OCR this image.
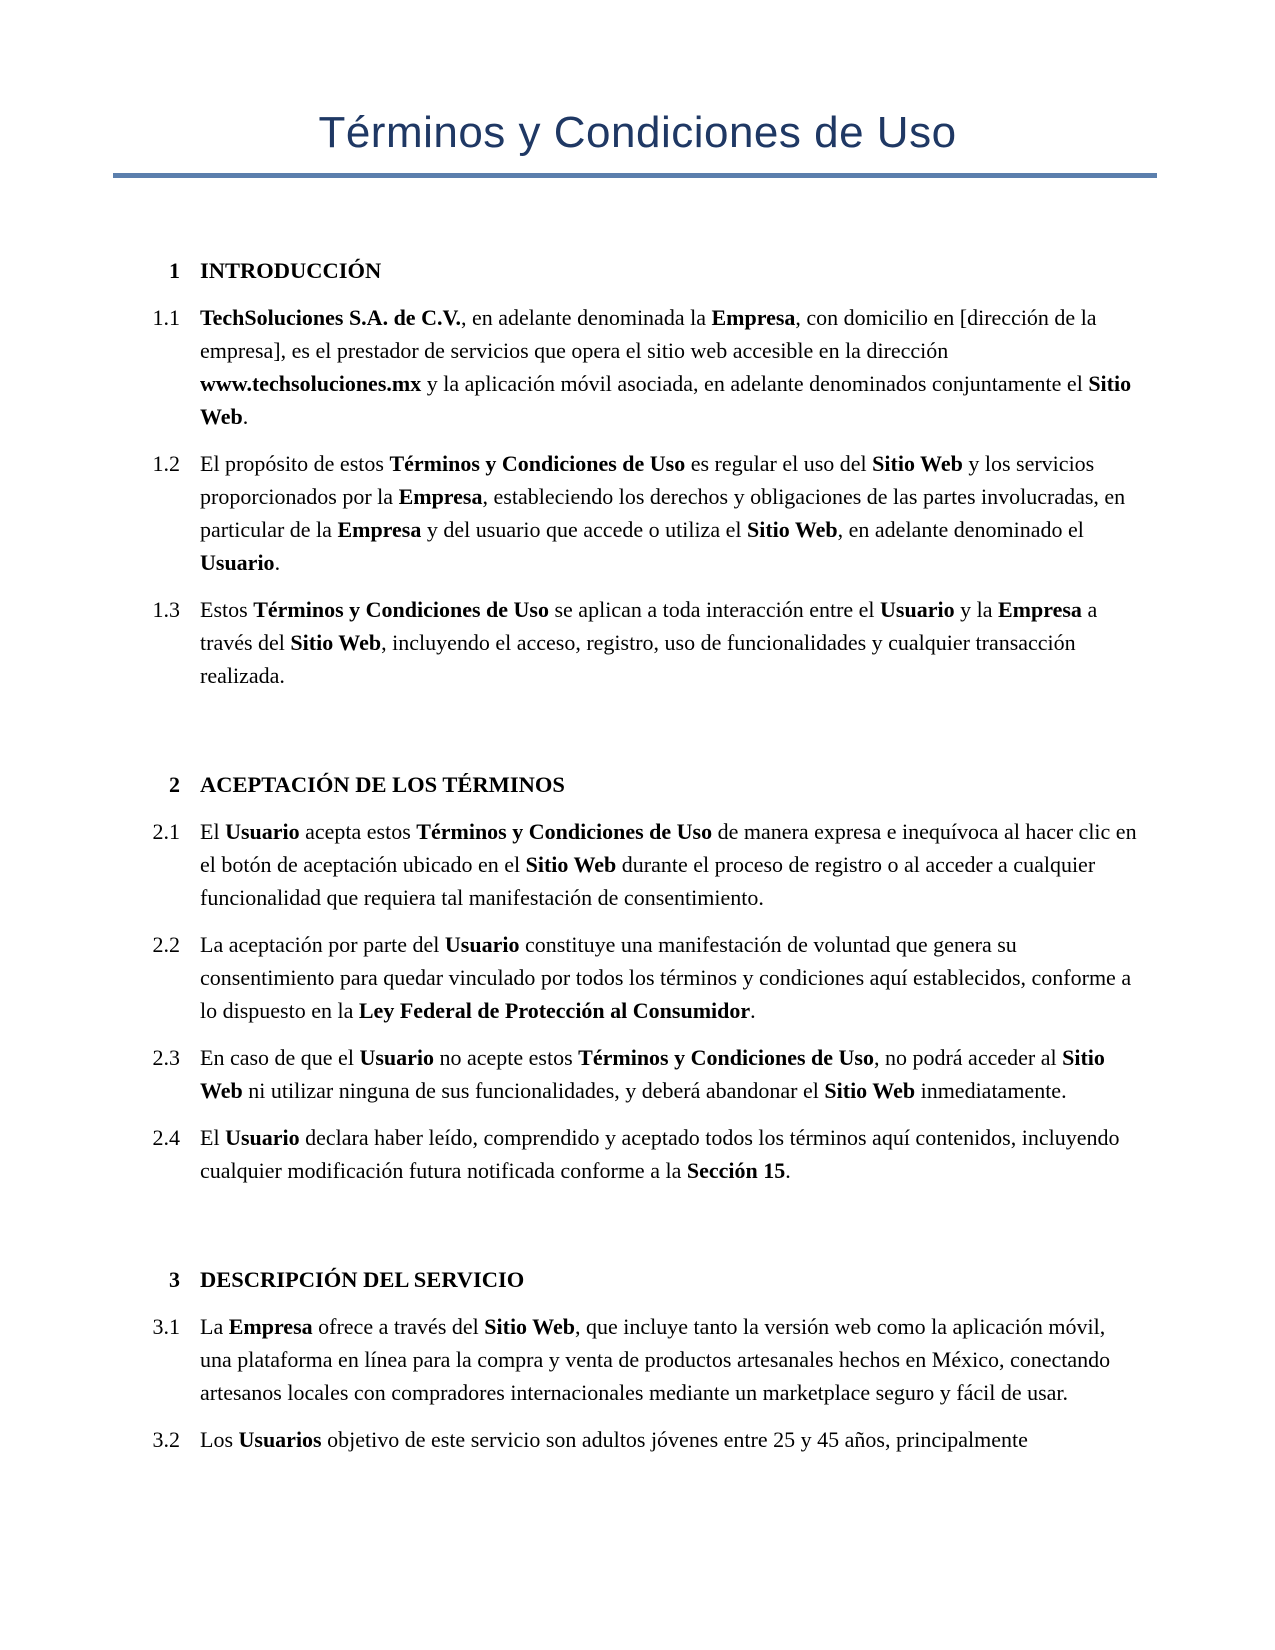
Términos y Condiciones de Uso
1 INTRODUCCIÓN
1.1 TechSoluciones S.A. de C.V., en adelante denominada la Empresa, con domicilio en [dirección de la empresa], es el prestador de servicios que opera el sitio web accesible en la dirección www.techsoluciones.mx y la aplicación móvil asociada, en adelante denominados conjuntamente el Sitio Web.

1.2 El propósito de estos Términos y Condiciones de Uso es regular el uso del Sitio Web y los servicios proporcionados por la Empresa, estableciendo los derechos y obligaciones de las partes involucradas, en particular de la Empresa y del usuario que accede o utiliza el Sitio Web, en adelante denominado el Usuario.

1.3 Estos Términos y Condiciones de Uso se aplican a toda interacción entre el Usuario y la Empresa a través del Sitio Web, incluyendo el acceso, registro, uso de funcionalidades y cualquier transacción realizada.

2 ACEPTACIÓN DE LOS TÉRMINOS
2.1 El Usuario acepta estos Términos y Condiciones de Uso de manera expresa e inequívoca al hacer clic en el botón de aceptación ubicado en el Sitio Web durante el proceso de registro o al acceder a cualquier funcionalidad que requiera tal manifestación de consentimiento.

2.2 La aceptación por parte del Usuario constituye una manifestación de voluntad que genera su consentimiento para quedar vinculado por todos los términos y condiciones aquí establecidos, conforme a lo dispuesto en la Ley Federal de Protección al Consumidor.

2.3 En caso de que el Usuario no acepte estos Términos y Condiciones de Uso, no podrá acceder al Sitio Web ni utilizar ninguna de sus funcionalidades, y deberá abandonar el Sitio Web inmediatamente.

2.4 El Usuario declara haber leído, comprendido y aceptado todos los términos aquí contenidos, incluyendo cualquier modificación futura notificada conforme a la Sección 15.

3 DESCRIPCIÓN DEL SERVICIO
3.1 La Empresa ofrece a través del Sitio Web, que incluye tanto la versión web como la aplicación móvil, una plataforma en línea para la compra y venta de productos artesanales hechos en México, conectando artesanos locales con compradores internacionales mediante un marketplace seguro y fácil de usar.

3.2 Los Usuarios objetivo de este servicio son adultos jóvenes entre 25 y 45 años, principalmente
